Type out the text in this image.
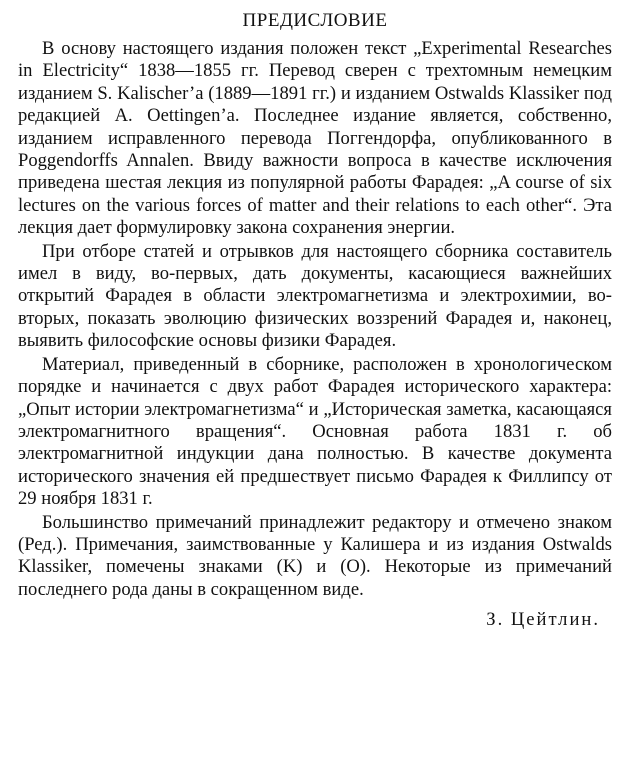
ПРЕДИСЛОВИЕ

В основу настоящего издания положен текст „Experimental Researches in Electricity“ 1838—1855 гг. Перевод сверен с трехтомным немецким изданием S. Kalischer’a (1889—1891 гг.) и изданием Ostwalds Klassiker под редакцией A. Oettingen’a. Последнее издание является, собственно, изданием исправленного перевода Поггендорфа, опубликованного в Poggendorffs Annalen. Ввиду важности вопроса в качестве исключения приведена шестая лекция из популярной работы Фарадея: „A course of six lectures on the various forces of matter and their relations to each other“. Эта лекция дает формулировку закона сохранения энергии.

При отборе статей и отрывков для настоящего сборника составитель имел в виду, во-первых, дать документы, касающиеся важнейших открытий Фарадея в области электромагнетизма и электрохимии, во-вторых, показать эволюцию физических воззрений Фарадея и, наконец, выявить философские основы физики Фарадея.

Материал, приведенный в сборнике, расположен в хронологическом порядке и начинается с двух работ Фарадея исторического характера: „Опыт истории электромагнетизма“ и „Историческая заметка, касающаяся электромагнитного вращения“. Основная работа 1831 г. об электромагнитной индукции дана полностью. В качестве документа исторического значения ей предшествует письмо Фарадея к Филлипсу от 29 ноября 1831 г.

Большинство примечаний принадлежит редактору и отмечено знаком (Ред.). Примечания, заимствованные у Калишера и из издания Ostwalds Klassiker, помечены знаками (K) и (O). Некоторые из примечаний последнего рода даны в сокращенном виде.

З. Цейтлин.
